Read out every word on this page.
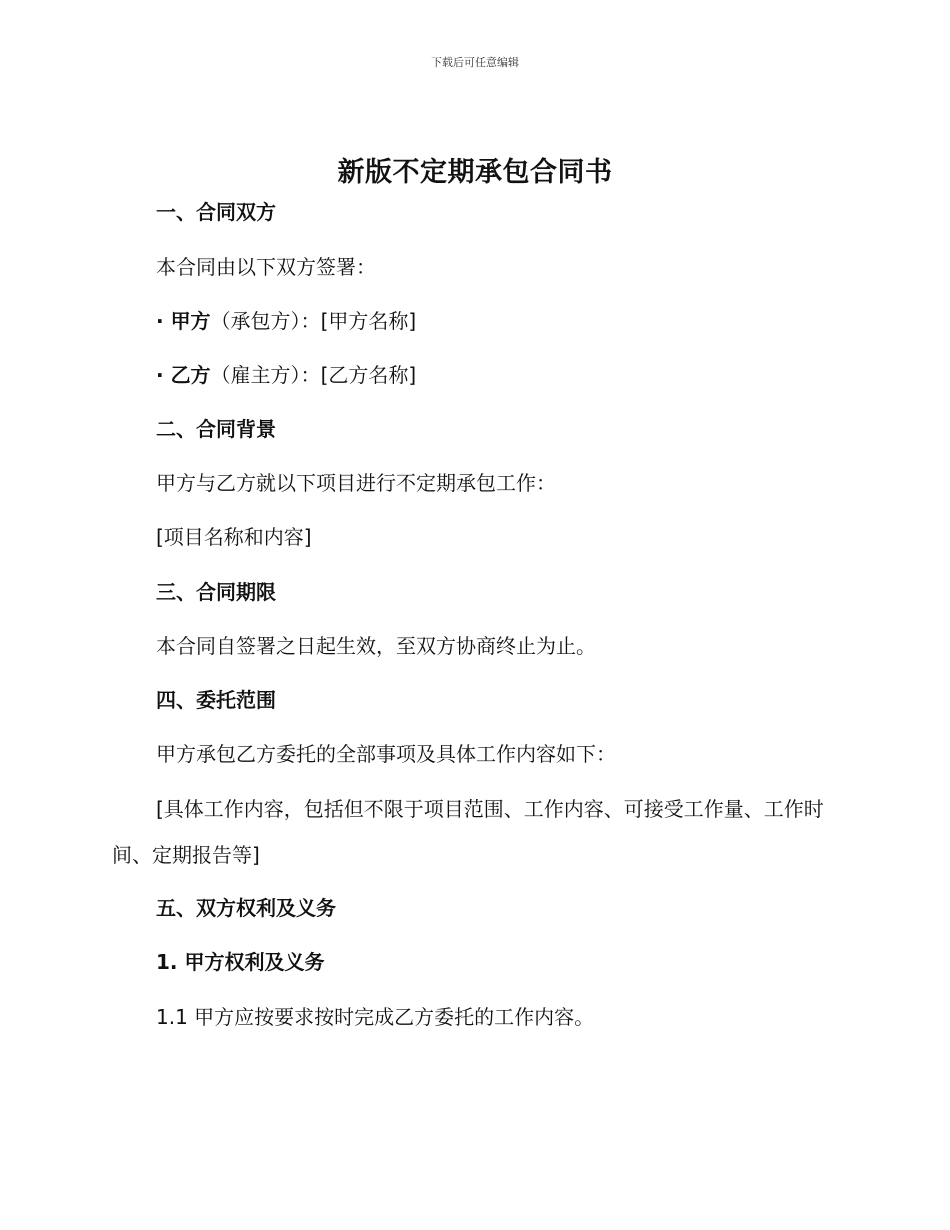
下载后可任意编辑
新版不定期承包合同书
一、合同双方
本合同由以下双方签署：
· 甲方（承包方）：[甲方名称]
· 乙方（雇主方）：[乙方名称]
二、合同背景
甲方与乙方就以下项目进行不定期承包工作：
[项目名称和内容]
三、合同期限
本合同自签署之日起生效，至双方协商终止为止。
四、委托范围
甲方承包乙方委托的全部事项及具体工作内容如下：
[具体工作内容，包括但不限于项目范围、工作内容、可接受工作量、工作时间、定期报告等]
五、双方权利及义务
1. 甲方权利及义务
1.1 甲方应按要求按时完成乙方委托的工作内容。
